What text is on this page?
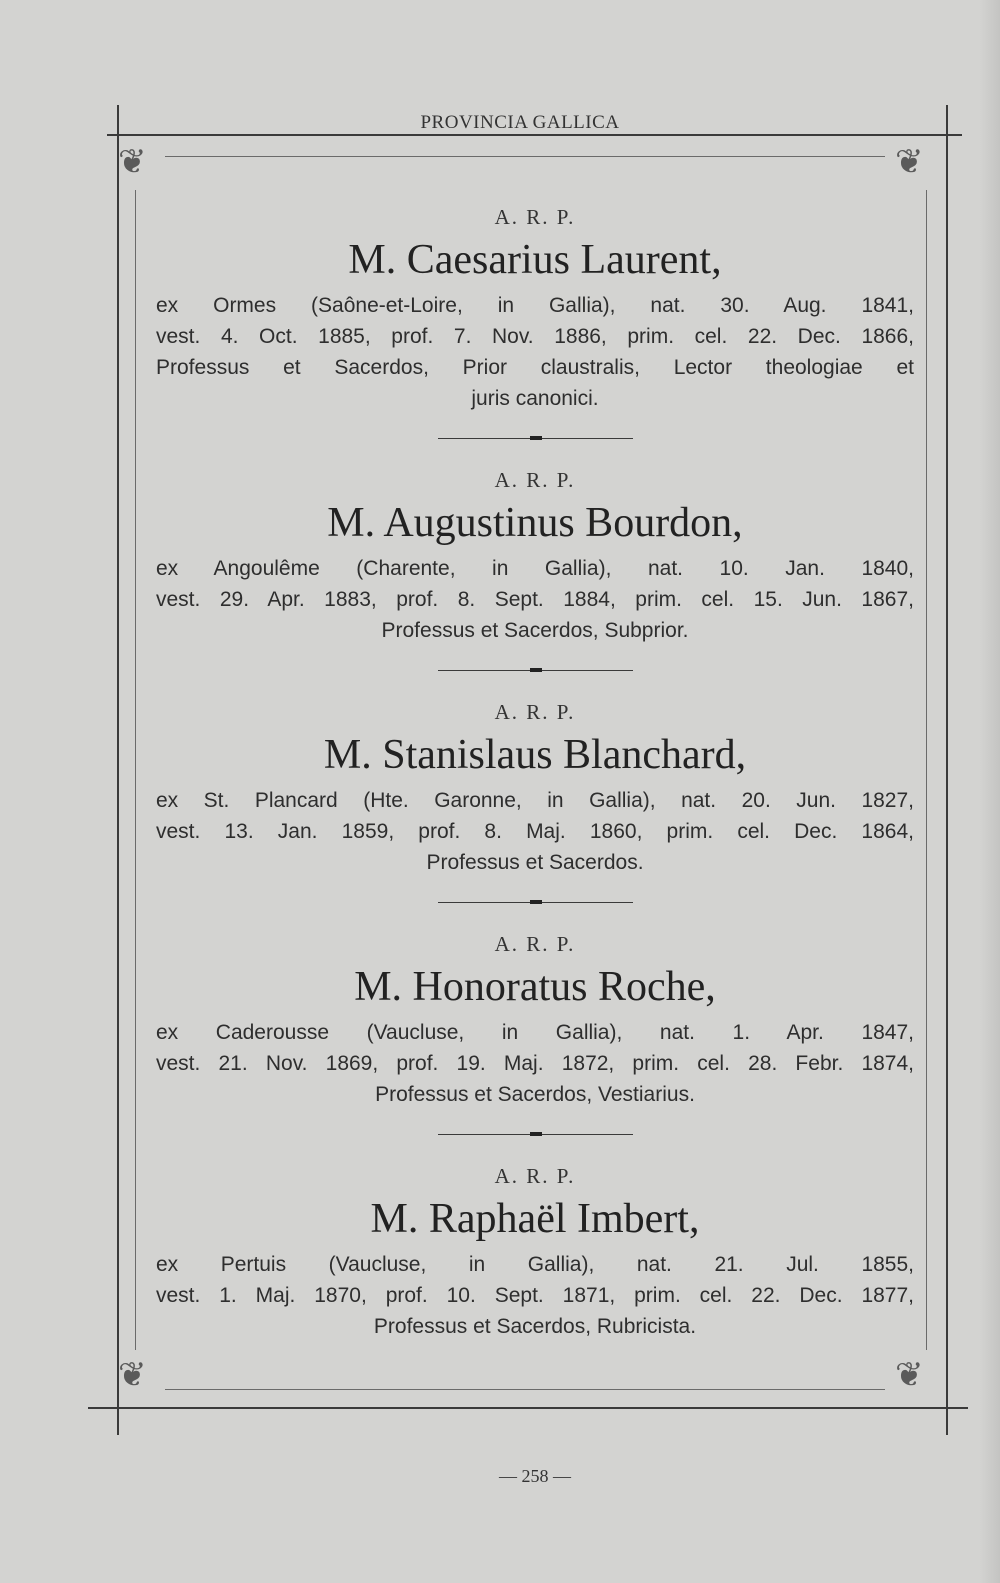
PROVINCIA GALLICA
❦	❦
❦	❦

A. R. P.

M. Caesarius Laurent,

ex Ormes (Saône-et-Loire, in Gallia), nat. 30. Aug. 1841,
vest. 4. Oct. 1885, prof. 7. Nov. 1886, prim. cel. 22. Dec. 1866,
Professus et Sacerdos, Prior claustralis, Lector theologiae et
juris canonici.

A. R. P.

M. Augustinus Bourdon,

ex Angoulême (Charente, in Gallia), nat. 10. Jan. 1840,
vest. 29. Apr. 1883, prof. 8. Sept. 1884, prim. cel. 15. Jun. 1867,
Professus et Sacerdos, Subprior.

A. R. P.

M. Stanislaus Blanchard,

ex St. Plancard (Hte. Garonne, in Gallia), nat. 20. Jun. 1827,
vest. 13. Jan. 1859, prof. 8. Maj. 1860, prim. cel. Dec. 1864,
Professus et Sacerdos.

A. R. P.

M. Honoratus Roche,

ex Caderousse (Vaucluse, in Gallia), nat. 1. Apr. 1847,
vest. 21. Nov. 1869, prof. 19. Maj. 1872, prim. cel. 28. Febr. 1874,
Professus et Sacerdos, Vestiarius.

A. R. P.

M. Raphaël Imbert,

ex Pertuis (Vaucluse, in Gallia), nat. 21. Jul. 1855,
vest. 1. Maj. 1870, prof. 10. Sept. 1871, prim. cel. 22. Dec. 1877,
Professus et Sacerdos, Rubricista.

— 258 —
